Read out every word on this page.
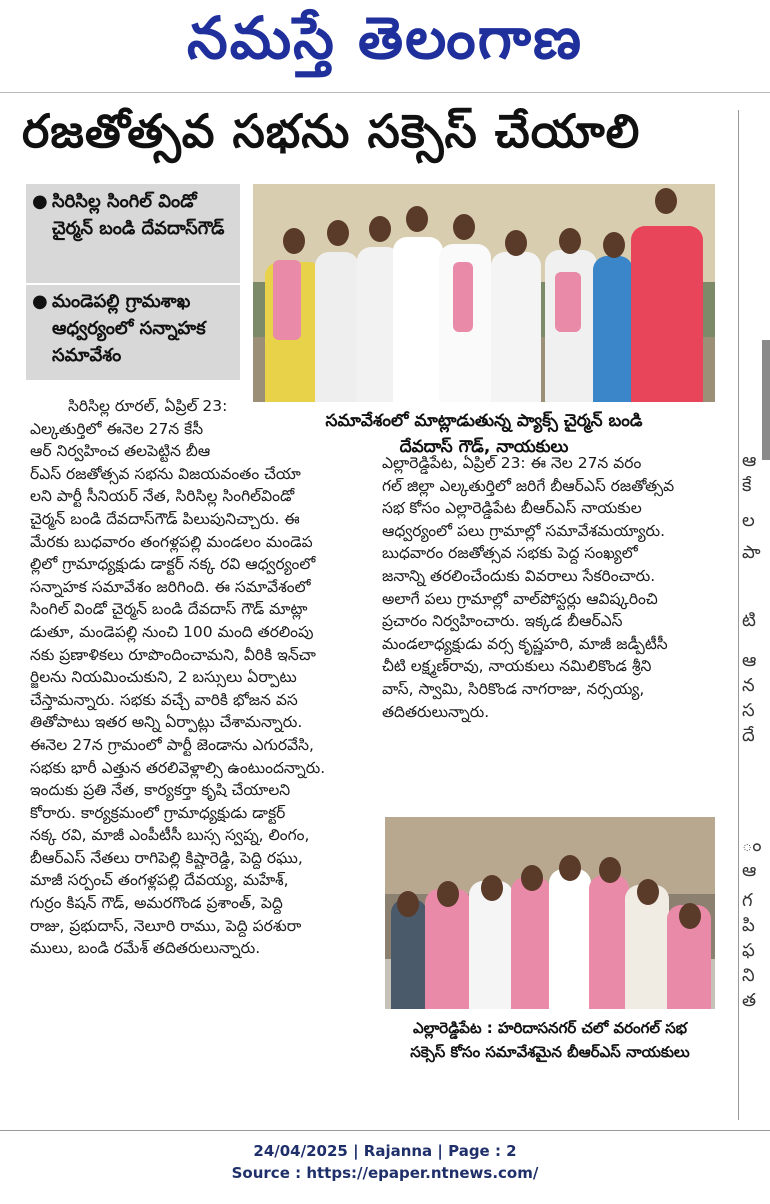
నమస్తే తెలంగాణ
రజతోత్సవ సభను సక్సెస్ చేయాలి
ఆ
కే
ల
పా
టి
ఆ
న
స
దే
ం
ఆ
గ
పి
ఫ
ని
త
● సిరిసిల్ల సింగిల్ విండో చైర్మన్ బండి దేవదాస్‌గౌడ్
● మండెపల్లి గ్రామశాఖ ఆధ్వర్యంలో సన్నాహక సమావేశం
సమావేశంలో మాట్లాడుతున్న ప్యాక్స్ చైర్మన్ బండి
దేవదాస్ గౌడ్, నాయకులు
సిరిసిల్ల రూరల్, ఏప్రిల్ 23:
ఎల్కతుర్తిలో ఈనెల 27న కేసీ
ఆర్ నిర్వహించ తలపెట్టిన బీఆ
ర్ఎస్ రజతోత్సవ సభను విజయవంతం చేయా
లని పార్టీ సీనియర్ నేత, సిరిసిల్ల సింగిల్‌విండో
చైర్మన్ బండి దేవదాస్‌గౌడ్ పిలుపునిచ్చారు. ఈ
మేరకు బుధవారం తంగళ్లపల్లి మండలం మండెప
ల్లిలో గ్రామాధ్యక్షుడు డాక్టర్ నక్క రవి ఆధ్వర్యంలో
సన్నాహక సమావేశం జరిగింది. ఈ సమావేశంలో
సింగిల్ విండో చైర్మన్ బండి దేవదాస్ గౌడ్ మాట్లా
డుతూ, మండెపల్లి నుంచి 100 మంది తరలింపు
నకు ప్రణాళికలు రూపొందించామని, వీరికి ఇన్‌చా
ర్జిలను నియమించుకుని, 2 బస్సులు ఏర్పాటు
చేస్తామన్నారు. సభకు వచ్చే వారికి భోజన వస
తితోపాటు ఇతర అన్ని ఏర్పాట్లు చేశామన్నారు.
ఈనెల 27న గ్రామంలో పార్టీ జెండాను ఎగురవేసి,
సభకు భారీ ఎత్తున తరలివెళ్లాల్సి ఉంటుందన్నారు.
ఇందుకు ప్రతి నేత, కార్యకర్తా కృషి చేయాలని
కోరారు. కార్యక్రమంలో గ్రామాధ్యక్షుడు డాక్టర్
నక్క రవి, మాజీ ఎంపీటీసీ బుస్స స్వప్న, లింగం,
బీఆర్ఎస్ నేతలు రాగిపెల్లి కిష్టారెడ్డి, పెద్ది రఘు,
మాజీ సర్పంచ్ తంగళ్లపల్లి దేవయ్య, మహేశ్,
గుర్రం కిషన్ గౌడ్, అమరగొండ ప్రశాంత్, పెద్ది
రాజు, ప్రభుదాస్, నెలూరి రాము, పెద్ది పరశురా
ములు, బండి రమేశ్ తదితరులున్నారు.
ఎల్లారెడ్డిపేట, ఏప్రిల్ 23: ఈ నెల 27న వరం
గల్ జిల్లా ఎల్కతుర్తిలో జరిగే బీఆర్ఎస్ రజతోత్సవ
సభ కోసం ఎల్లారెడ్డిపేట బీఆర్ఎస్ నాయకుల
ఆధ్వర్యంలో పలు గ్రామాల్లో సమావేశమయ్యారు.
బుధవారం రజతోత్సవ సభకు పెద్ద సంఖ్యలో
జనాన్ని తరలించేందుకు వివరాలు సేకరించారు.
అలాగే పలు గ్రామాల్లో వాల్‌పోస్టర్లు ఆవిష్కరించి
ప్రచారం నిర్వహించారు. ఇక్కడ బీఆర్ఎస్
మండలాధ్యక్షుడు వర్స కృష్ణహరి, మాజీ జడ్పీటీసీ
చీటి లక్ష్మణ్‌రావు, నాయకులు నమిలికొండ శ్రీని
వాస్, స్వామి, సిరికొండ నాగరాజు, నర్సయ్య,
తదితరులున్నారు.
ఎల్లారెడ్డిపేట : హరిదాసనగర్ చలో వరంగల్ సభ
సక్సెస్ కోసం సమావేశమైన బీఆర్ఎస్ నాయకులు
24/04/2025 | Rajanna | Page : 2
Source : https://epaper.ntnews.com/
